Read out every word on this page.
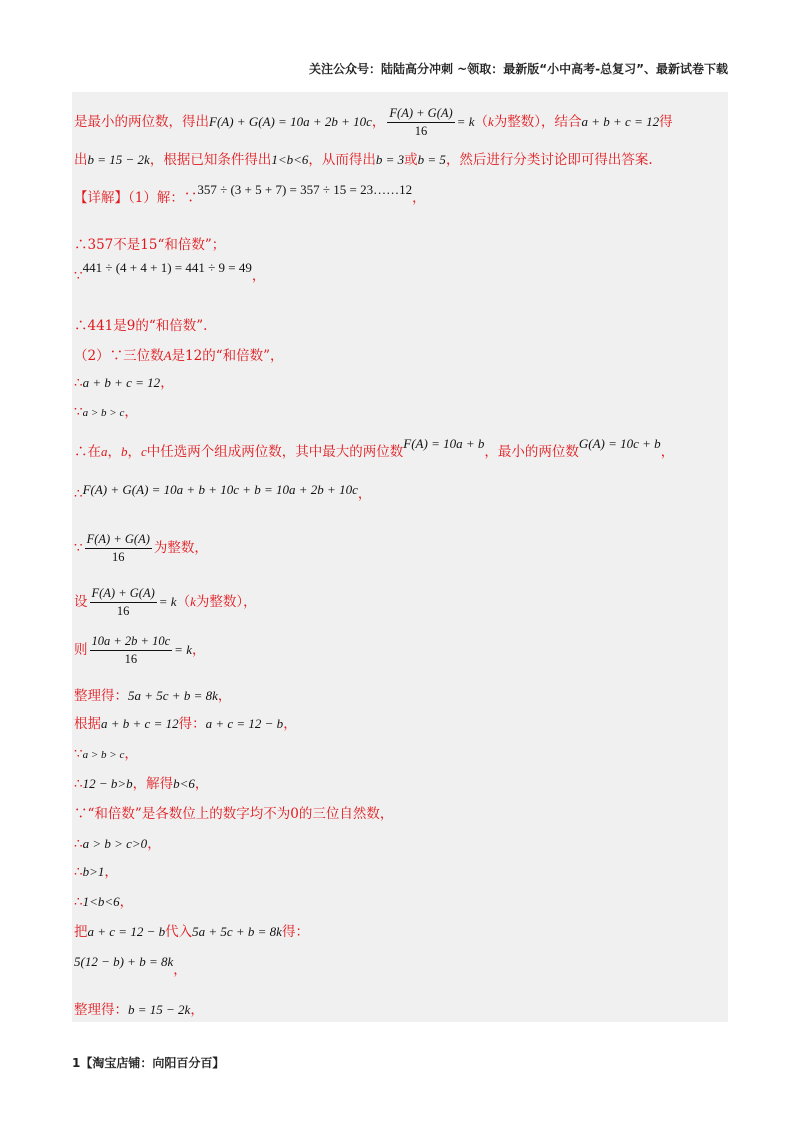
关注公众号：陆陆高分冲刺 ~领取：最新版“小中高考-总复习”、最新试卷下载
是最小的两位数，得出F(A) + G(A) = 10a + 2b + 10c， $\frac{F(A) + G(A)}{16} = k(k$为整数），结合a + b + c = 12得
出b = 15 − 2k，根据已知条件得出1<b<6，从而得出b = 3或b = 5，然后进行分类讨论即可得出答案.
【详解】（1）解：∵357 ÷ (3 + 5 + 7) = 357 ÷ 15 = 23……12，
∴357不是15“和倍数”；
∵441 ÷ (4 + 4 + 1) = 441 ÷ 9 = 49，
∴441是9的“和倍数”.
（2）∵三位数A是12的“和倍数”，
∴a + b + c = 12，
∵a > b > c，
∴在a，b，c中任选两个组成两位数，其中最大的两位数F(A) = 10a + b，最小的两位数G(A) = 10c + b，
∴F(A) + G(A) = 10a + b + 10c + b = 10a + 2b + 10c，
∵ $\frac{F(A) + G(A)}{16}$ 为整数，
设 $\frac{F(A) + G(A)}{16} = k(k$为整数），
则 $\frac{10a + 2b + 10c}{16} = k$，
整理得：5a + 5c + b = 8k，
根据a + b + c = 12得：a + c = 12 − b，
∵a > b > c，
∴12 − b>b，解得b<6，
∵“和倍数”是各数位上的数字均不为0的三位自然数，
∴a > b > c>0，
∴b>1，
∴1<b<6，
把a + c = 12 − b代入5a + 5c + b = 8k得：
5(12 − b) + b = 8k，
整理得：b = 15 − 2k，
1【淘宝店铺：向阳百分百】
